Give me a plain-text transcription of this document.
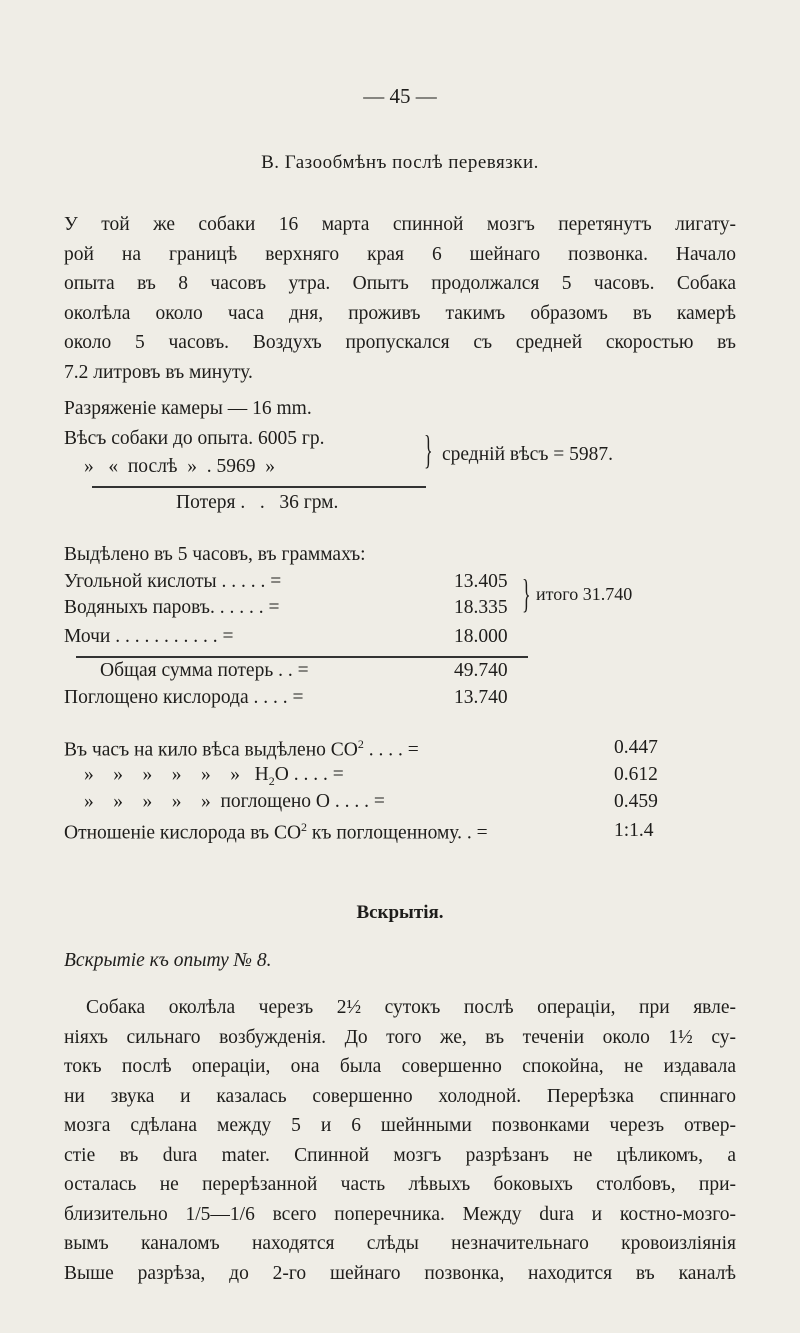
— 45 —
В. Газообмѣнъ послѣ перевязки.
У той же собаки 16 марта спинной мозгъ перетянутъ лигату-
рой на границѣ верхняго края 6 шейнаго позвонка. Начало
опыта въ 8 часовъ утра. Опытъ продолжался 5 часовъ. Собака
околѣла около часа дня, проживъ такимъ образомъ въ камерѣ
около 5 часовъ. Воздухъ пропускался съ средней скоростью въ
7.2 литровъ въ минуту.
Разряженіе камеры — 16 mm.
Вѣсъ собаки до опыта. 6005 гр.
»   «  послѣ  »  . 5969  »	} средній вѣсъ = 5987.
Потеря .   .   36 грм.
Выдѣлено въ 5 часовъ, въ граммахъ:
Угольной кислоты . . . . . =	13.405
Водяныхъ паровъ. . . . . . =	18.335 } итого 31.740
Мочи . . . . . . . . . . . =	18.000
Общая сумма потерь . . =	49.740
Поглощено кислорода . . . . =	13.740
Въ часъ на кило вѣса выдѣлено $CO^2$ . . . . =	0.447
»    »    »    »    »    »   $H_2O$ . . . . =	0.612
»    »    »    »    »  поглощено O . . . . =	0.459
Отношеніе кислорода въ $CO^2$ къ поглощенному. . =	1:1.4
Вскрытія.
Вскрытіе къ опыту № 8.
Собака околѣла черезъ 2½ сутокъ послѣ операціи, при явле-
ніяхъ сильнаго возбужденія. До того же, въ теченіи около 1½ су-
токъ послѣ операціи, она была совершенно спокойна, не издавала
ни звука и казалась совершенно холодной. Перерѣзка спиннаго
мозга сдѣлана между 5 и 6 шейнными позвонками черезъ отвер-
стіе въ dura mater. Спинной мозгъ разрѣзанъ не цѣликомъ, а
осталась не перерѣзанной часть лѣвыхъ боковыхъ столбовъ, при-
близительно 1/5—1/6 всего поперечника. Между dura и костно-мозго-
вымъ каналомъ находятся слѣды незначительнаго кровоизліянія
Выше разрѣза, до 2-го шейнаго позвонка, находится въ каналѣ
